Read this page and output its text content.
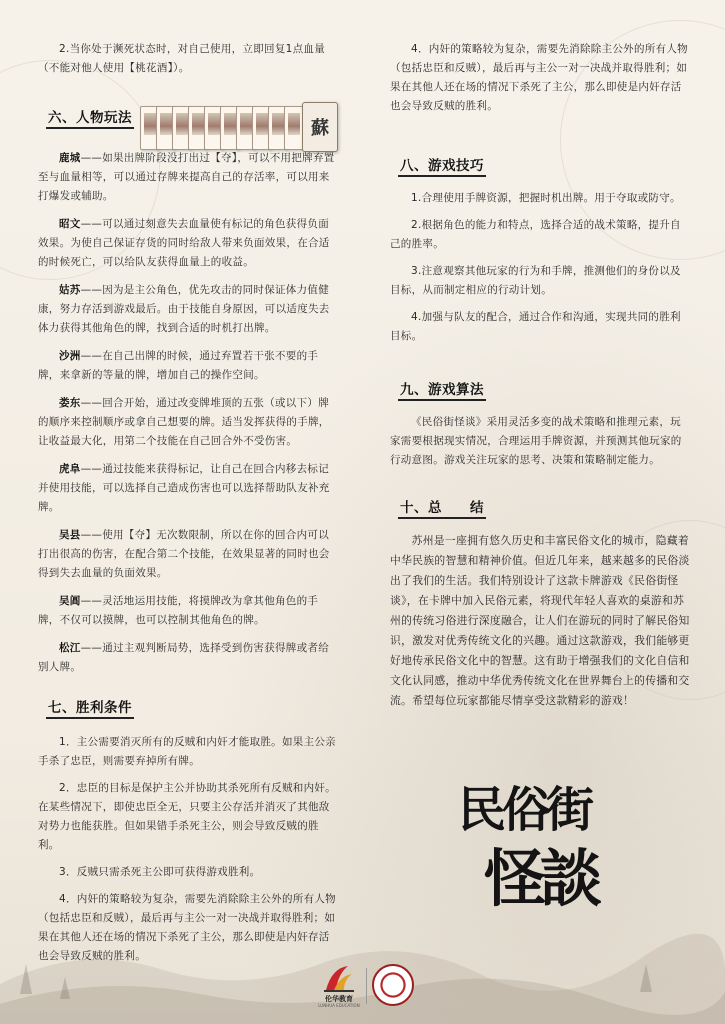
2.当你处于濒死状态时，对自己使用，立即回复1点血量（不能对他人使用【桃花酒】）。

六、人物玩法

鹿城——如果出牌阶段没打出过【夺】，可以不用把牌弃置至与血量相等，可以通过存牌来提高自己的存活率，可以用来打爆发或辅助。

昭文——可以通过刻意失去血量使有标记的角色获得负面效果。为使自己保证存货的同时给敌人带来负面效果，在合适的时候死亡，可以给队友获得血量上的收益。

姑苏——因为是主公角色，优先攻击的同时保证体力值健康，努力存活到游戏最后。由于技能自身原因，可以适度失去体力获得其他角色的牌，找到合适的时机打出牌。

沙洲——在自己出牌的时候，通过弃置若干张不要的手牌，来拿新的等量的牌，增加自己的操作空间。

娄东——回合开始，通过改变牌堆顶的五张（或以下）牌的顺序来控制顺序或拿自己想要的牌。适当发挥获得的手牌，让收益最大化，用第二个技能在自己回合外不受伤害。

虎阜——通过技能来获得标记，让自己在回合内移去标记并使用技能，可以选择自己造成伤害也可以选择帮助队友补充牌。

吴县——使用【夺】无次数限制，所以在你的回合内可以打出很高的伤害，在配合第二个技能，在效果显著的同时也会得到失去血量的负面效果。

吴阊——灵活地运用技能，将摸牌改为拿其他角色的手牌，不仅可以摸牌，也可以控制其他角色的牌。

松江——通过主观判断局势，选择受到伤害获得牌或者给别人牌。

七、胜利条件

1．主公需要消灭所有的反贼和内奸才能取胜。如果主公亲手杀了忠臣，则需要弃掉所有牌。

2．忠臣的目标是保护主公并协助其杀死所有反贼和内奸。在某些情况下，即使忠臣全无，只要主公存活并消灭了其他敌对势力也能获胜。但如果错手杀死主公，则会导致反贼的胜利。

3．反贼只需杀死主公即可获得游戏胜利。

4．内奸的策略较为复杂，需要先消除除主公外的所有人物（包括忠臣和反贼），最后再与主公一对一决战并取得胜利；如果在其他人还在场的情况下杀死了主公，那么即使是内奸存活也会导致反贼的胜利。

蘇

4．内奸的策略较为复杂，需要先消除除主公外的所有人物（包括忠臣和反贼），最后再与主公一对一决战并取得胜利；如果在其他人还在场的情况下杀死了主公，那么即使是内奸存活也会导致反贼的胜利。

八、游戏技巧

1.合理使用手牌资源，把握时机出牌。用于夺取或防守。

2.根据角色的能力和特点，选择合适的战术策略，提升自己的胜率。

3.注意观察其他玩家的行为和手牌，推测他们的身份以及目标，从而制定相应的行动计划。

4.加强与队友的配合，通过合作和沟通，实现共同的胜利目标。

九、游戏算法

《民俗街怪谈》采用灵活多变的战术策略和推理元素，玩家需要根据现实情况，合理运用手牌资源，并预测其他玩家的行动意图。游戏关注玩家的思考、决策和策略制定能力。

十、总　　结

苏州是一座拥有悠久历史和丰富民俗文化的城市，隐藏着中华民族的智慧和精神价值。但近几年来，越来越多的民俗淡出了我们的生活。我们特别设计了这款卡牌游戏《民俗街怪谈》，在卡牌中加入民俗元素，将现代年轻人喜欢的桌游和苏州的传统习俗进行深度融合，让人们在游玩的同时了解民俗知识，激发对优秀传统文化的兴趣。通过这款游戏，我们能够更好地传承民俗文化中的智慧。这有助于增强我们的文化自信和文化认同感，推动中华优秀传统文化在世界舞台上的传播和交流。希望每位玩家都能尽情享受这款精彩的游戏！

民俗街
怪談
伦华教育
LUNHUA EDUCATION
